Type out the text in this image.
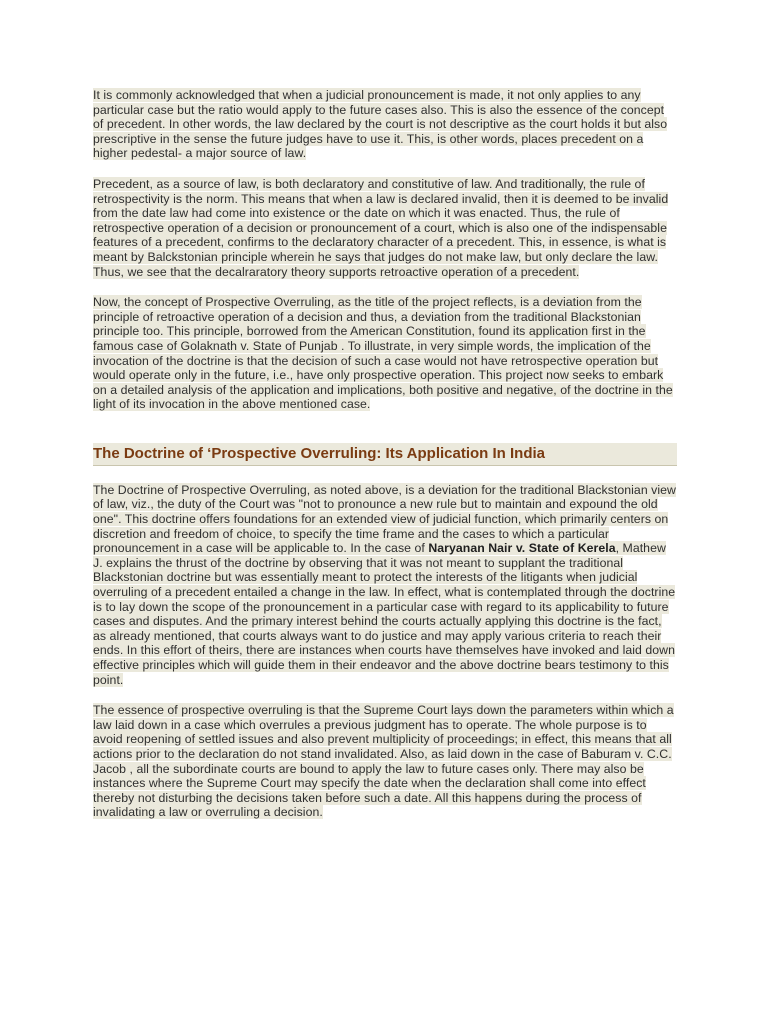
It is commonly acknowledged that when a judicial pronouncement is made, it not only applies to any particular case but the ratio would apply to the future cases also. This is also the essence of the concept of precedent. In other words, the law declared by the court is not descriptive as the court holds it but also prescriptive in the sense the future judges have to use it. This, is other words, places precedent on a higher pedestal- a major source of law.

Precedent, as a source of law, is both declaratory and constitutive of law. And traditionally, the rule of retrospectivity is the norm. This means that when a law is declared invalid, then it is deemed to be invalid from the date law had come into existence or the date on which it was enacted. Thus, the rule of retrospective operation of a decision or pronouncement of a court, which is also one of the indispensable features of a precedent, confirms to the declaratory character of a precedent. This, in essence, is what is meant by Balckstonian principle wherein he says that judges do not make law, but only declare the law. Thus, we see that the decalraratory theory supports retroactive operation of a precedent.

Now, the concept of Prospective Overruling, as the title of the project reflects, is a deviation from the principle of retroactive operation of a decision and thus, a deviation from the traditional Blackstonian principle too. This principle, borrowed from the American Constitution, found its application first in the famous case of Golaknath v. State of Punjab . To illustrate, in very simple words, the implication of the invocation of the doctrine is that the decision of such a case would not have retrospective operation but would operate only in the future, i.e., have only prospective operation. This project now seeks to embark on a detailed analysis of the application and implications, both positive and negative, of the doctrine in the light of its invocation in the above mentioned case.

The Doctrine of ‘Prospective Overruling: Its Application In India

The Doctrine of Prospective Overruling, as noted above, is a deviation for the traditional Blackstonian view of law, viz., the duty of the Court was "not to pronounce a new rule but to maintain and expound the old one". This doctrine offers foundations for an extended view of judicial function, which primarily centers on discretion and freedom of choice, to specify the time frame and the cases to which a particular pronouncement in a case will be applicable to. In the case of Naryanan Nair v. State of Kerela, Mathew J. explains the thrust of the doctrine by observing that it was not meant to supplant the traditional Blackstonian doctrine but was essentially meant to protect the interests of the litigants when judicial overruling of a precedent entailed a change in the law. In effect, what is contemplated through the doctrine is to lay down the scope of the pronouncement in a particular case with regard to its applicability to future cases and disputes. And the primary interest behind the courts actually applying this doctrine is the fact, as already mentioned, that courts always want to do justice and may apply various criteria to reach their ends. In this effort of theirs, there are instances when courts have themselves have invoked and laid down effective principles which will guide them in their endeavor and the above doctrine bears testimony to this point.

The essence of prospective overruling is that the Supreme Court lays down the parameters within which a law laid down in a case which overrules a previous judgment has to operate. The whole purpose is to avoid reopening of settled issues and also prevent multiplicity of proceedings; in effect, this means that all actions prior to the declaration do not stand invalidated. Also, as laid down in the case of Baburam v. C.C. Jacob , all the subordinate courts are bound to apply the law to future cases only. There may also be instances where the Supreme Court may specify the date when the declaration shall come into effect thereby not disturbing the decisions taken before such a date. All this happens during the process of invalidating a law or overruling a decision.
